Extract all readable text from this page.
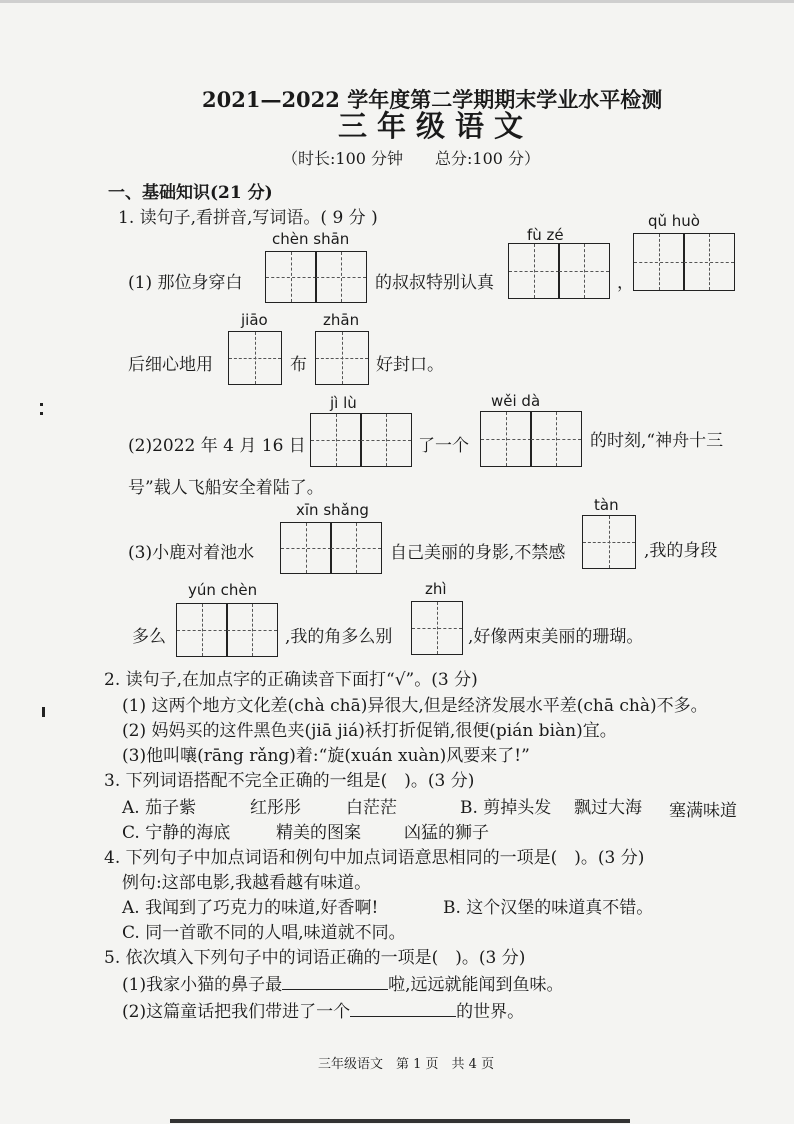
2021—2022 学年度第二学期期末学业水平检测
三年级语文
（时长:100 分钟　　总分:100 分）
一、基础知识(21 分)
1. 读句子,看拼音,写词语。( 9 分 )
chèn shān
(1) 那位身穿白	的叔叔特别认真
fù zé
，
qǔ huò
jiāo
后细心地用	布
zhān
好封口。
jì lù
(2)2022 年 4 月 16 日	了一个
wěi dà
的时刻,“神舟十三
号”载人飞船安全着陆了。
xīn shǎng
(3)小鹿对着池水	自己美丽的身影,不禁感
tàn
,我的身段
yún chèn
多么	,我的角多么别
zhì
,好像两束美丽的珊瑚。
2. 读句子,在加点字的正确读音下面打“√”。(3 分)
(1) 这两个地方文化差(chà chā)异很大,但是经济发展水平差(chā chà)不多。
(2) 妈妈买的这件黑色夹(jiā jiá)袄打折促销,很便(pián biàn)宜。
(3)他叫嚷(rāng rǎng)着:“旋(xuán xuàn)风要来了!”
3. 下列词语搭配不完全正确的一组是(　)。(3 分)
A. 茄子紫	红彤彤	白茫茫	B. 剪掉头发 飘过大海 塞满味道
C. 宁静的海底	精美的图案	凶猛的狮子
4. 下列句子中加点词语和例句中加点词语意思相同的一项是(　)。(3 分)
例句:这部电影,我越看越有味道。
A. 我闻到了巧克力的味道,好香啊!	B. 这个汉堡的味道真不错。
C. 同一首歌不同的人唱,味道就不同。
5. 依次填入下列句子中的词语正确的一项是(　)。(3 分)
(1)我家小猫的鼻子最	啦,远远就能闻到鱼味。
(2)这篇童话把我们带进了一个	的世界。
三年级语文　第 1 页　共 4 页
